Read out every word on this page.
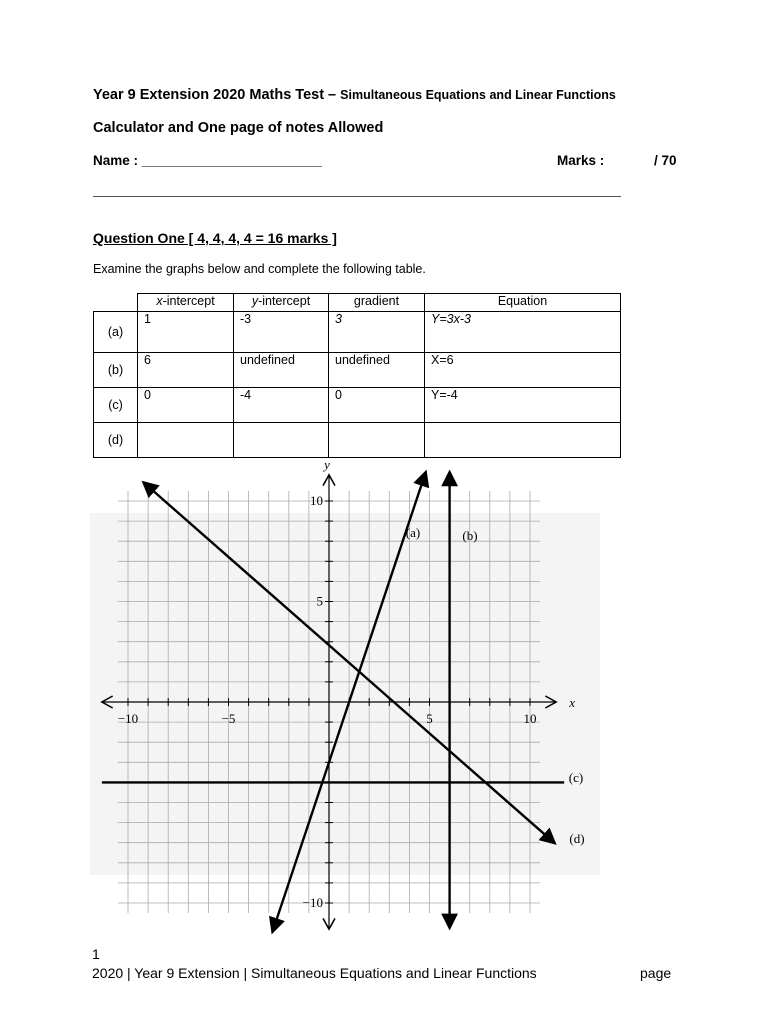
Year 9 Extension 2020 Maths Test – Simultaneous Equations and Linear Functions
Calculator and One page of notes Allowed
Name : ________________________	Marks :	/ 70
Question One [ 4, 4, 4, 4 = 16 marks ]
Examine the graphs below and complete the following table.
	x-intercept	y-intercept	gradient	Equation
(a)	1	-3	3	Y=3x-3
(b)	6	undefined	undefined	X=6
(c)	0	-4	0	Y=-4
(d)				
x
y
−10	−5	5	10
10
5
−10
(a)	(b)
(c)
(d)
1
2020 | Year 9 Extension | Simultaneous Equations and Linear Functions	page
